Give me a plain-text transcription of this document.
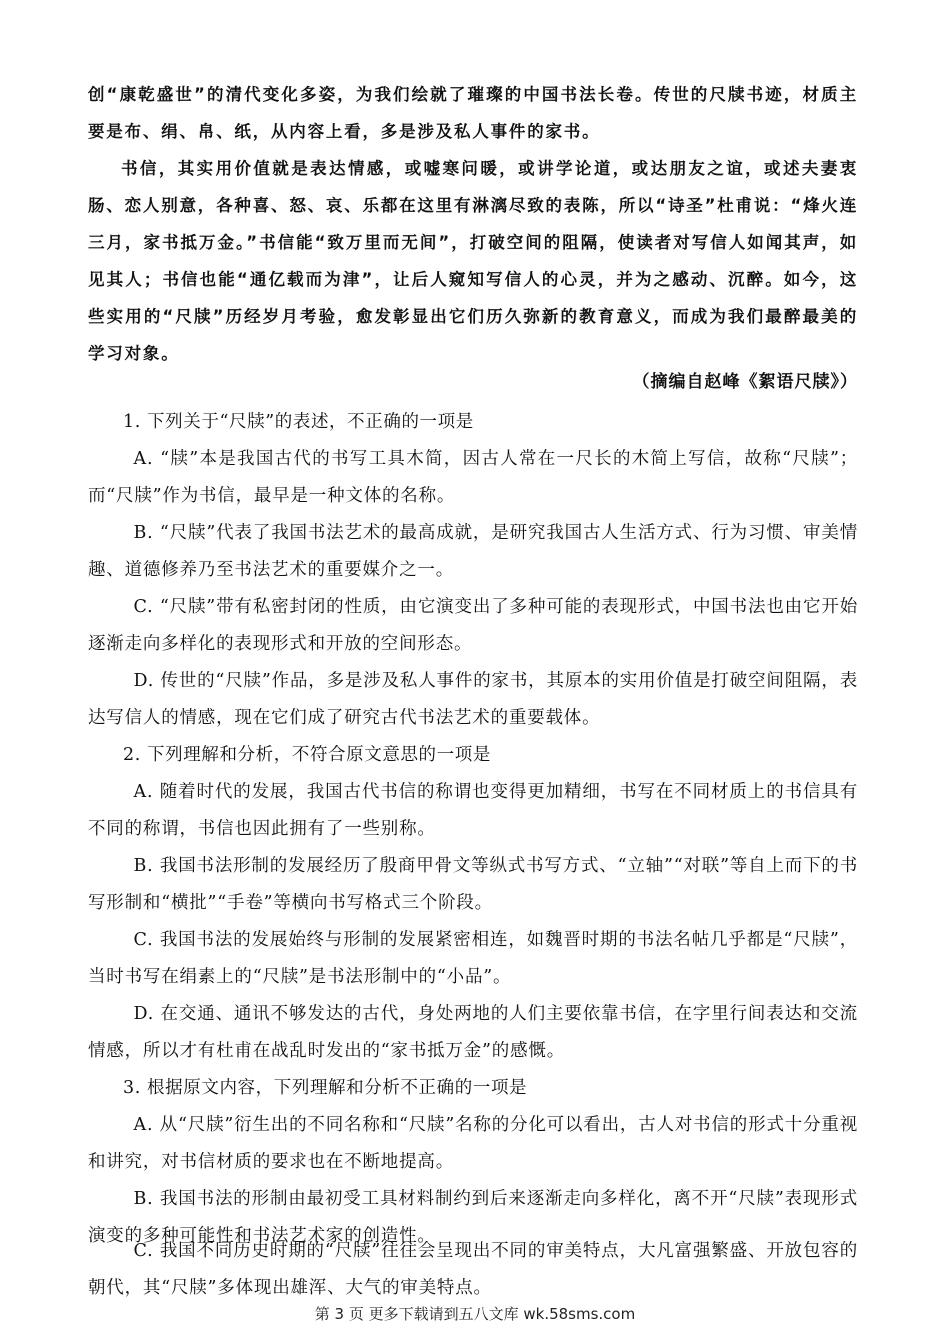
创“康乾盛世”的清代变化多姿，为我们绘就了璀璨的中国书法长卷。传世的尺牍书迹，材质主要是布、绢、帛、纸，从内容上看，多是涉及私人事件的家书。

书信，其实用价值就是表达情感，或嘘寒问暖，或讲学论道，或达朋友之谊，或述夫妻衷肠、恋人别意，各种喜、怒、哀、乐都在这里有淋漓尽致的表陈，所以“诗圣”杜甫说：“烽火连三月，家书抵万金。”书信能“致万里而无间”，打破空间的阻隔，使读者对写信人如闻其声，如见其人；书信也能“通亿载而为津”，让后人窥知写信人的心灵，并为之感动、沉醉。如今，这些实用的“尺牍”历经岁月考验，愈发彰显出它们历久弥新的教育意义，而成为我们最醉最美的学习对象。

（摘编自赵峰《絮语尺牍》）

1. 下列关于“尺牍”的表述，不正确的一项是

A. “牍”本是我国古代的书写工具木简，因古人常在一尺长的木简上写信，故称“尺牍”；而“尺牍”作为书信，最早是一种文体的名称。

B. “尺牍”代表了我国书法艺术的最高成就，是研究我国古人生活方式、行为习惯、审美情趣、道德修养乃至书法艺术的重要媒介之一。

C. “尺牍”带有私密封闭的性质，由它演变出了多种可能的表现形式，中国书法也由它开始逐渐走向多样化的表现形式和开放的空间形态。

D. 传世的“尺牍”作品，多是涉及私人事件的家书，其原本的实用价值是打破空间阻隔，表达写信人的情感，现在它们成了研究古代书法艺术的重要载体。

2. 下列理解和分析，不符合原文意思的一项是

A. 随着时代的发展，我国古代书信的称谓也变得更加精细，书写在不同材质上的书信具有不同的称谓，书信也因此拥有了一些别称。

B. 我国书法形制的发展经历了殷商甲骨文等纵式书写方式、“立轴”“对联”等自上而下的书写形制和“横批”“手卷”等横向书写格式三个阶段。

C. 我国书法的发展始终与形制的发展紧密相连，如魏晋时期的书法名帖几乎都是“尺牍”，当时书写在绢素上的“尺牍”是书法形制中的“小品”。

D. 在交通、通讯不够发达的古代，身处两地的人们主要依靠书信，在字里行间表达和交流情感，所以才有杜甫在战乱时发出的“家书抵万金”的感慨。

3. 根据原文内容，下列理解和分析不正确的一项是

A. 从“尺牍”衍生出的不同名称和“尺牍”名称的分化可以看出，古人对书信的形式十分重视和讲究，对书信材质的要求也在不断地提高。

B. 我国书法的形制由最初受工具材料制约到后来逐渐走向多样化，离不开“尺牍”表现形式演变的多种可能性和书法艺术家的创造性。

C. 我国不同历史时期的“尺牍”往往会呈现出不同的审美特点，大凡富强繁盛、开放包容的朝代，其“尺牍”多体现出雄浑、大气的审美特点。

第 3 页 更多下载请到五八文库 wk.58sms.com
